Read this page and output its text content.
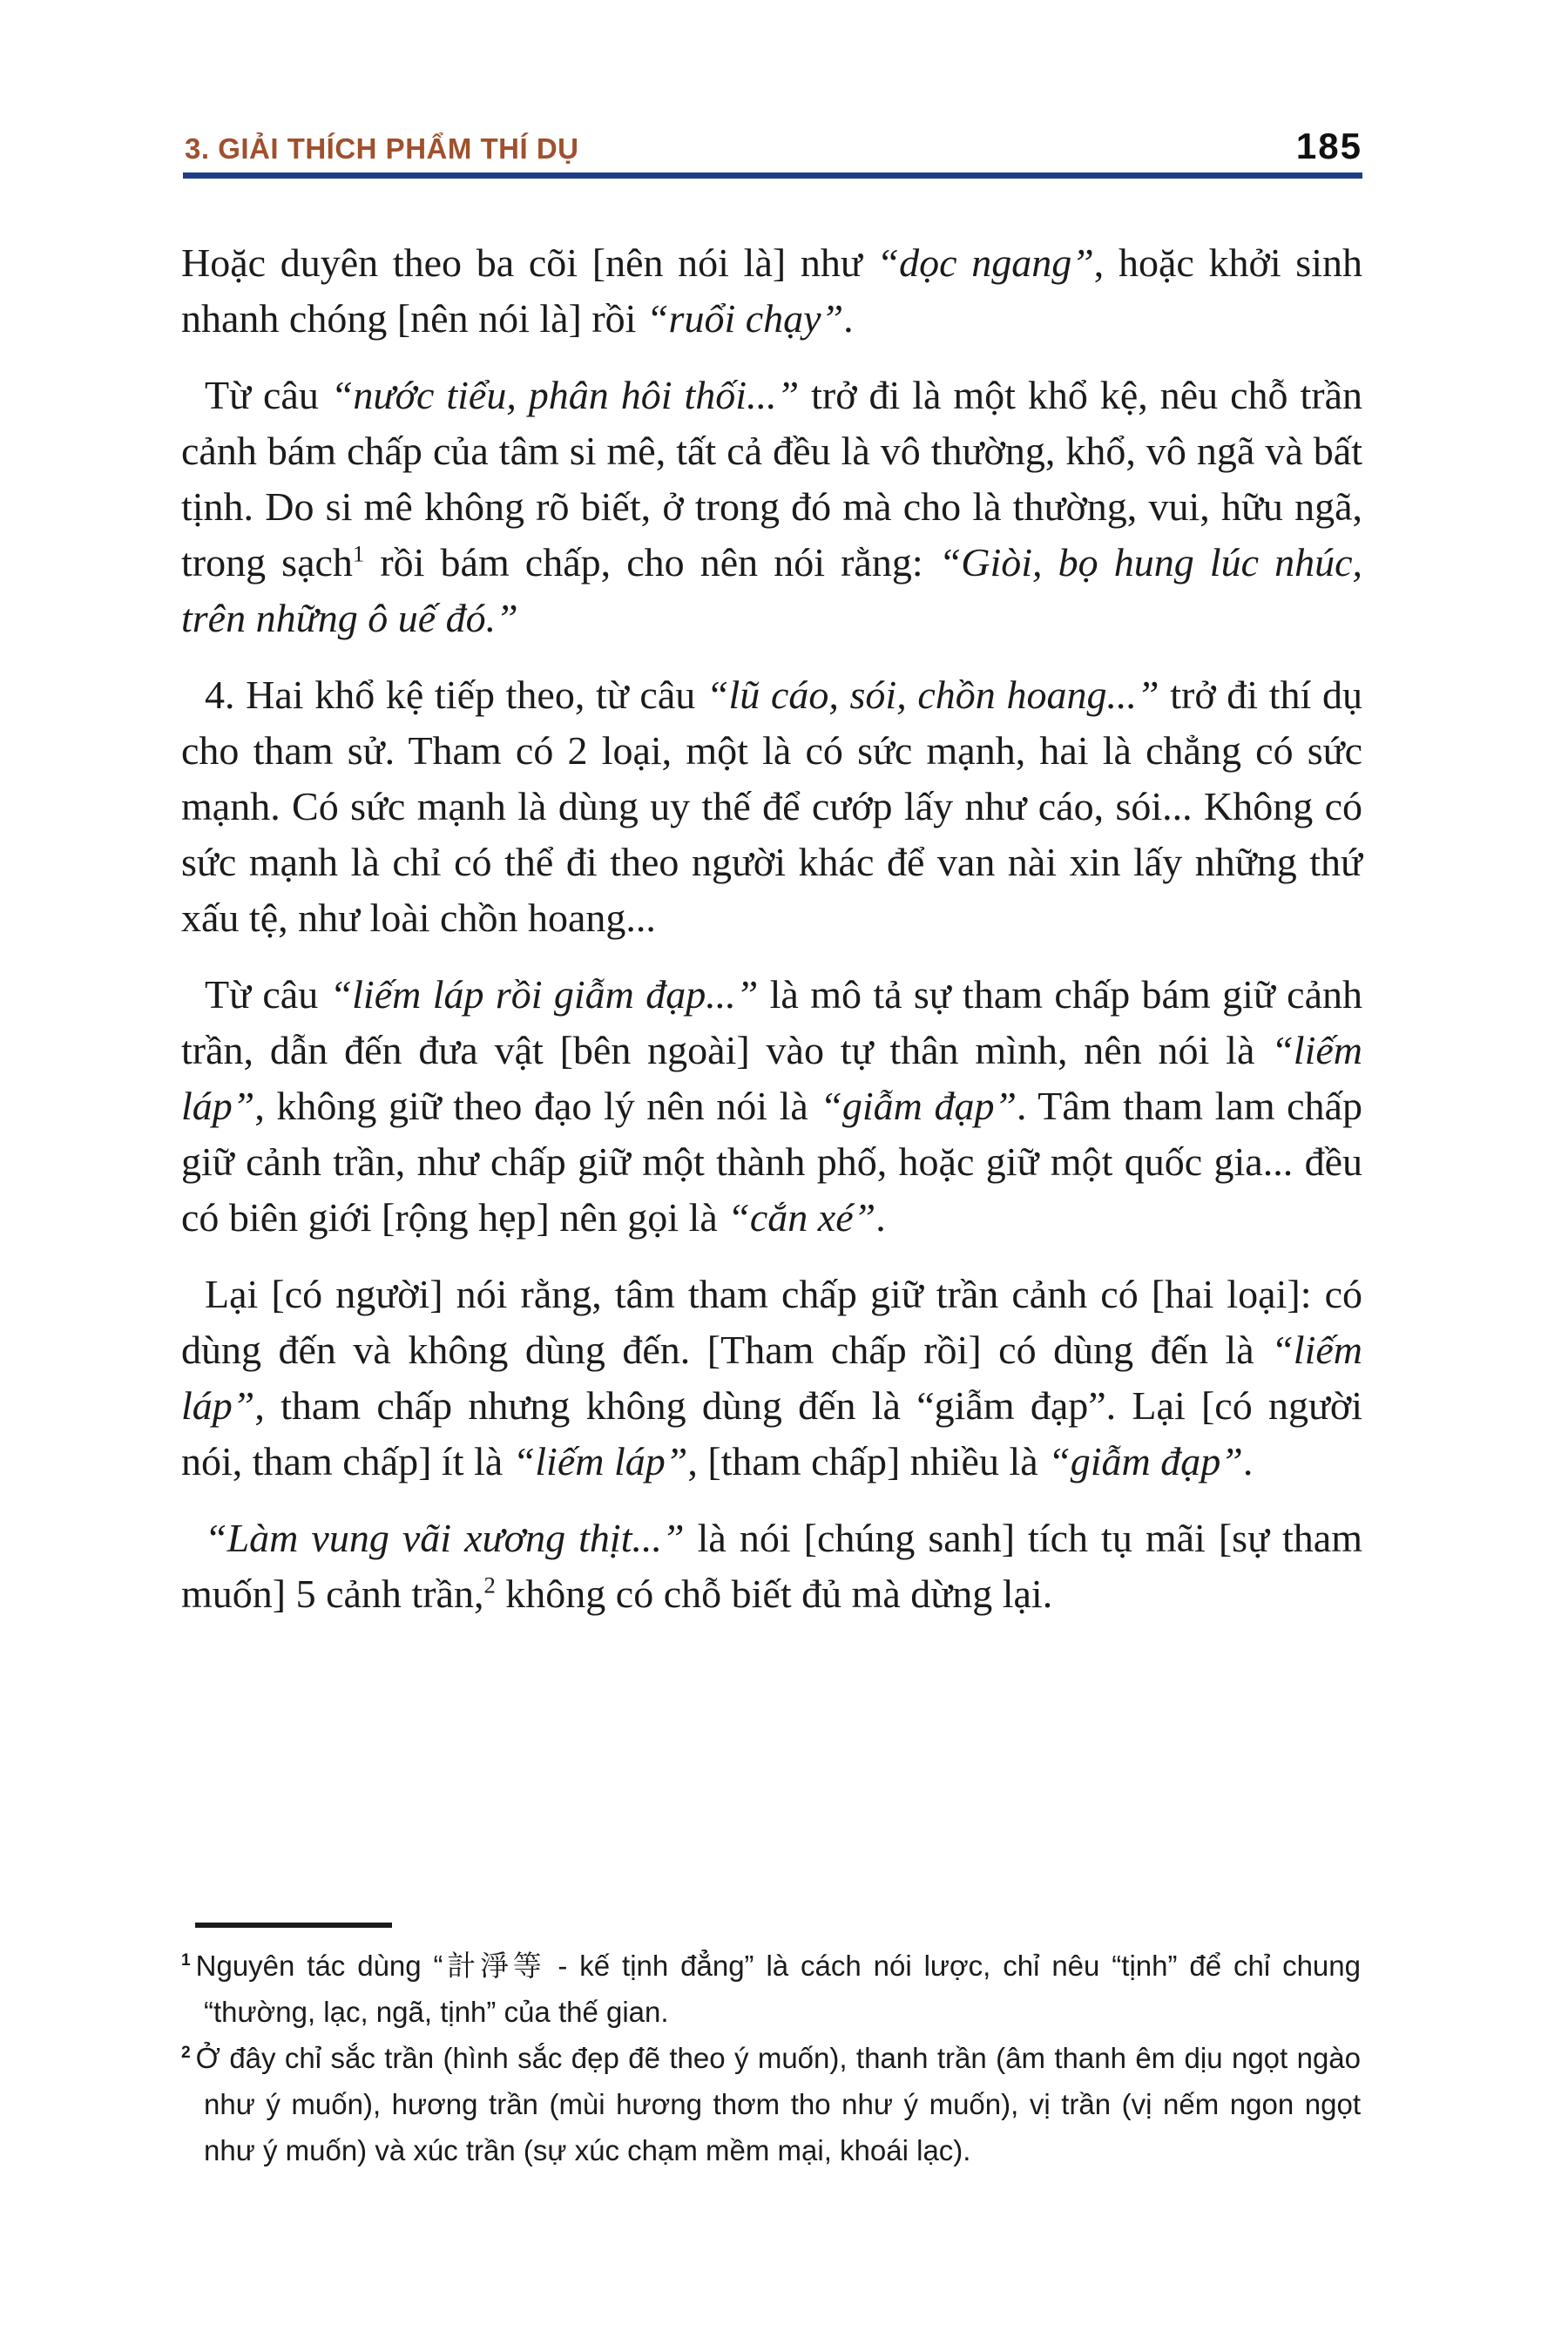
3. GIẢI THÍCH PHẨM THÍ DỤ	185

Hoặc duyên theo ba cõi [nên nói là] như “dọc ngang”, hoặc khởi sinh nhanh chóng [nên nói là] rồi “ruổi chạy”.

Từ câu “nước tiểu, phân hôi thối...” trở đi là một khổ kệ, nêu chỗ trần cảnh bám chấp của tâm si mê, tất cả đều là vô thường, khổ, vô ngã và bất tịnh. Do si mê không rõ biết, ở trong đó mà cho là thường, vui, hữu ngã, trong sạch$^1$ rồi bám chấp, cho nên nói rằng: “Giòi, bọ hung lúc nhúc, trên những ô uế đó.”

4. Hai khổ kệ tiếp theo, từ câu “lũ cáo, sói, chồn hoang...” trở đi thí dụ cho tham sử. Tham có 2 loại, một là có sức mạnh, hai là chẳng có sức mạnh. Có sức mạnh là dùng uy thế để cướp lấy như cáo, sói... Không có sức mạnh là chỉ có thể đi theo người khác để van nài xin lấy những thứ xấu tệ, như loài chồn hoang...

Từ câu “liếm láp rồi giẫm đạp...” là mô tả sự tham chấp bám giữ cảnh trần, dẫn đến đưa vật [bên ngoài] vào tự thân mình, nên nói là “liếm láp”, không giữ theo đạo lý nên nói là “giẫm đạp”. Tâm tham lam chấp giữ cảnh trần, như chấp giữ một thành phố, hoặc giữ một quốc gia... đều có biên giới [rộng hẹp] nên gọi là “cắn xé”.

Lại [có người] nói rằng, tâm tham chấp giữ trần cảnh có [hai loại]: có dùng đến và không dùng đến. [Tham chấp rồi] có dùng đến là “liếm láp”, tham chấp nhưng không dùng đến là “giẫm đạp”. Lại [có người nói, tham chấp] ít là “liếm láp”, [tham chấp] nhiều là “giẫm đạp”.

“Làm vung vãi xương thịt...” là nói [chúng sanh] tích tụ mãi [sự tham muốn] 5 cảnh trần,$^2$ không có chỗ biết đủ mà dừng lại.

$^1$ Nguyên tác dùng “計淨等 - kế tịnh đẳng” là cách nói lược, chỉ nêu “tịnh” để chỉ chung “thường, lạc, ngã, tịnh” của thế gian.
$^2$ Ở đây chỉ sắc trần (hình sắc đẹp đẽ theo ý muốn), thanh trần (âm thanh êm dịu ngọt ngào như ý muốn), hương trần (mùi hương thơm tho như ý muốn), vị trần (vị nếm ngon ngọt như ý muốn) và xúc trần (sự xúc chạm mềm mại, khoái lạc).
